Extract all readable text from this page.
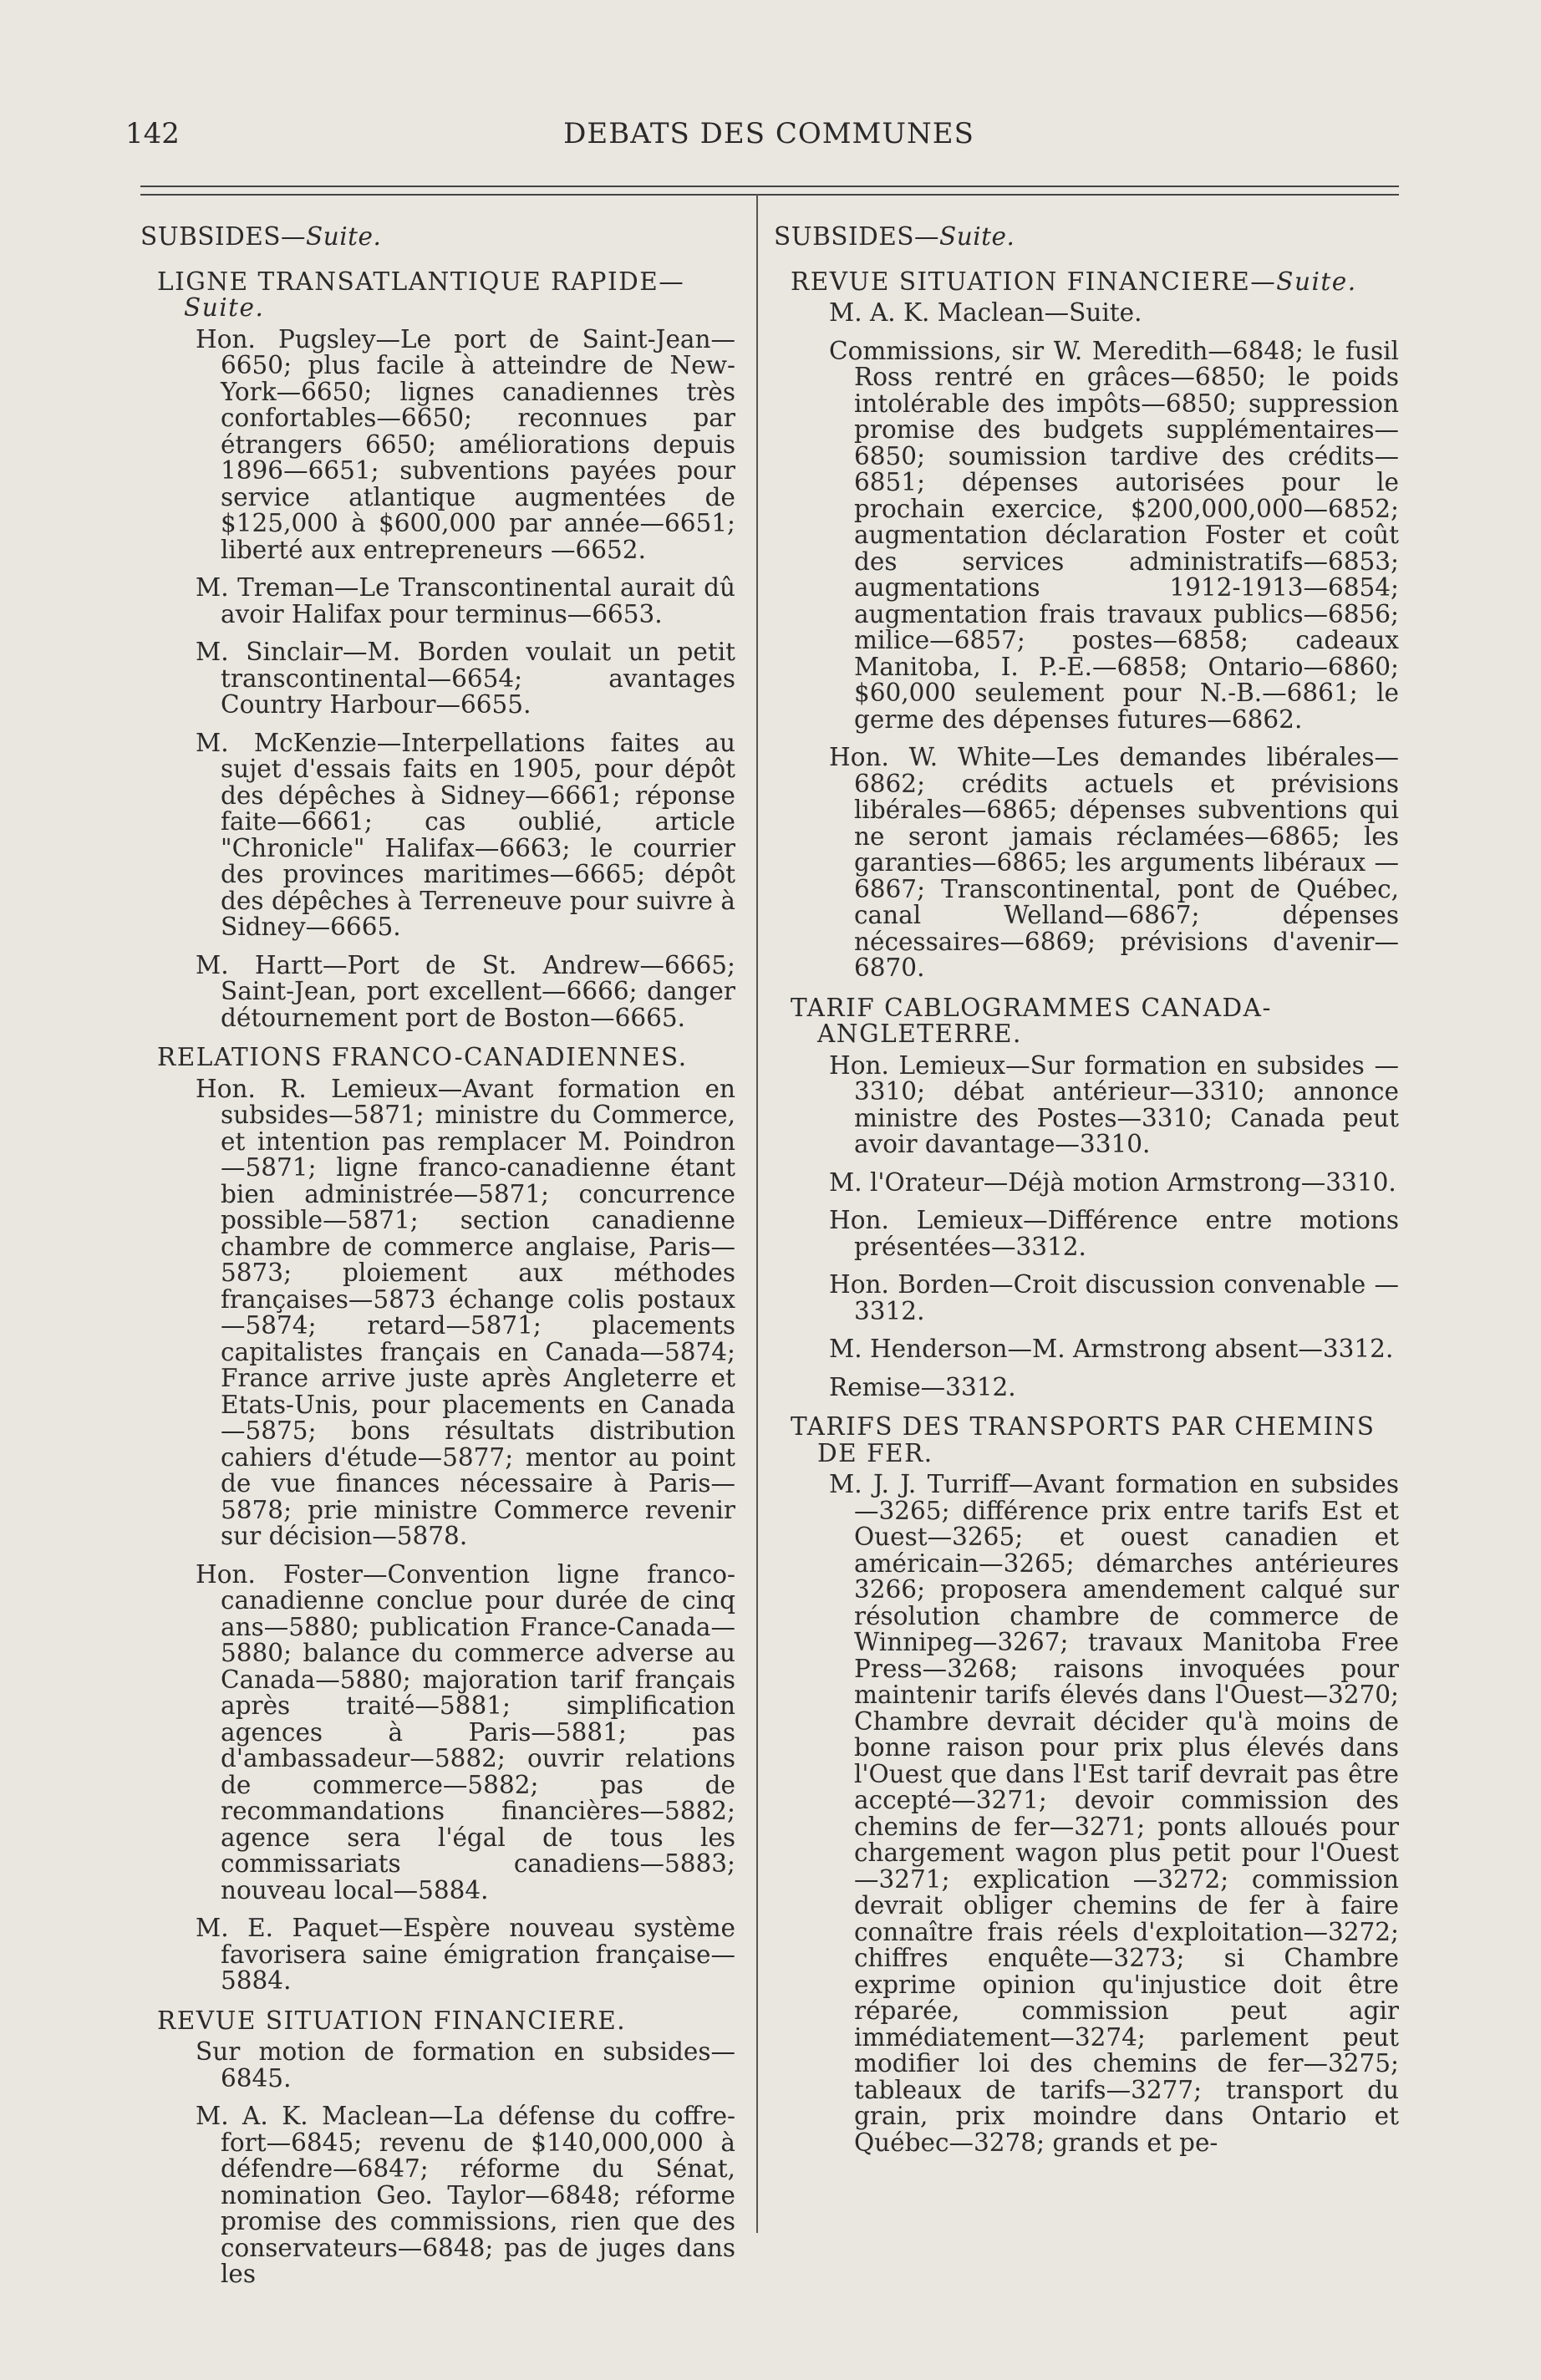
142	DEBATS DES COMMUNES

SUBSIDES—Suite.

LIGNE TRANSATLANTIQUE RAPIDE—Suite.

Hon. Pugsley—Le port de Saint-Jean—6650; plus facile à atteindre de New-York—6650; lignes canadiennes très confortables—6650; reconnues par étrangers 6650; améliorations depuis 1896—6651; subventions payées pour service atlantique augmentées de $125,000 à $600,000 par année—6651; liberté aux entrepreneurs —6652.

M. Treman—Le Transcontinental aurait dû avoir Halifax pour terminus—6653.

M. Sinclair—M. Borden voulait un petit transcontinental—6654; avantages Country Harbour—6655.

M. McKenzie—Interpellations faites au sujet d'essais faits en 1905, pour dépôt des dépêches à Sidney—6661; réponse faite—6661; cas oublié, article "Chronicle" Halifax—6663; le courrier des provinces maritimes—6665; dépôt des dépêches à Terreneuve pour suivre à Sidney—6665.

M. Hartt—Port de St. Andrew—6665; Saint-Jean, port excellent—6666; danger détournement port de Boston—6665.

RELATIONS FRANCO-CANADIENNES.

Hon. R. Lemieux—Avant formation en subsides—5871; ministre du Commerce, et intention pas remplacer M. Poindron —5871; ligne franco-canadienne étant bien administrée—5871; concurrence possible—5871; section canadienne chambre de commerce anglaise, Paris—5873; ploiement aux méthodes françaises—5873 échange colis postaux—5874; retard—5871; placements capitalistes français en Canada—5874; France arrive juste après Angleterre et Etats-Unis, pour placements en Canada—5875; bons résultats distribution cahiers d'étude—5877; mentor au point de vue finances nécessaire à Paris—5878; prie ministre Commerce revenir sur décision—5878.

Hon. Foster—Convention ligne franco-canadienne conclue pour durée de cinq ans—5880; publication France-Canada—5880; balance du commerce adverse au Canada—5880; majoration tarif français après traité—5881; simplification agences à Paris—5881; pas d'ambassadeur—5882; ouvrir relations de commerce—5882; pas de recommandations financières—5882; agence sera l'égal de tous les commissariats canadiens—5883; nouveau local—5884.

M. E. Paquet—Espère nouveau système favorisera saine émigration française—5884.

REVUE SITUATION FINANCIERE.

Sur motion de formation en subsides—6845.

M. A. K. Maclean—La défense du coffre-fort—6845; revenu de $140,000,000 à défendre—6847; réforme du Sénat, nomination Geo. Taylor—6848; réforme promise des commissions, rien que des conservateurs—6848; pas de juges dans les

SUBSIDES—Suite.

REVUE SITUATION FINANCIERE—Suite.

M. A. K. Maclean—Suite.

Commissions, sir W. Meredith—6848; le fusil Ross rentré en grâces—6850; le poids intolérable des impôts—6850; suppression promise des budgets supplémentaires—6850; soumission tardive des crédits—6851; dépenses autorisées pour le prochain exercice, $200,000,000—6852; augmentation déclaration Foster et coût des services administratifs—6853; augmentations 1912-1913—6854; augmentation frais travaux publics—6856; milice—6857; postes—6858; cadeaux Manitoba, I. P.-E.—6858; Ontario—6860; $60,000 seulement pour N.-B.—6861; le germe des dépenses futures—6862.

Hon. W. White—Les demandes libérales—6862; crédits actuels et prévisions libérales—6865; dépenses subventions qui ne seront jamais réclamées—6865; les garanties—6865; les arguments libéraux —6867; Transcontinental, pont de Québec, canal Welland—6867; dépenses nécessaires—6869; prévisions d'avenir—6870.

TARIF CABLOGRAMMES CANADA-ANGLETERRE.

Hon. Lemieux—Sur formation en subsides —3310; débat antérieur—3310; annonce ministre des Postes—3310; Canada peut avoir davantage—3310.

M. l'Orateur—Déjà motion Armstrong—3310.

Hon. Lemieux—Différence entre motions présentées—3312.

Hon. Borden—Croit discussion convenable —3312.

M. Henderson—M. Armstrong absent—3312.

Remise—3312.

TARIFS DES TRANSPORTS PAR CHEMINS DE FER.

M. J. J. Turriff—Avant formation en subsides—3265; différence prix entre tarifs Est et Ouest—3265; et ouest canadien et américain—3265; démarches antérieures 3266; proposera amendement calqué sur résolution chambre de commerce de Winnipeg—3267; travaux Manitoba Free Press—3268; raisons invoquées pour maintenir tarifs élevés dans l'Ouest—3270; Chambre devrait décider qu'à moins de bonne raison pour prix plus élevés dans l'Ouest que dans l'Est tarif devrait pas être accepté—3271; devoir commission des chemins de fer—3271; ponts alloués pour chargement wagon plus petit pour l'Ouest—3271; explication —3272; commission devrait obliger chemins de fer à faire connaître frais réels d'exploitation—3272; chiffres enquête—3273; si Chambre exprime opinion qu'injustice doit être réparée, commission peut agir immédiatement—3274; parlement peut modifier loi des chemins de fer—3275; tableaux de tarifs—3277; transport du grain, prix moindre dans Ontario et Québec—3278; grands et pe-
